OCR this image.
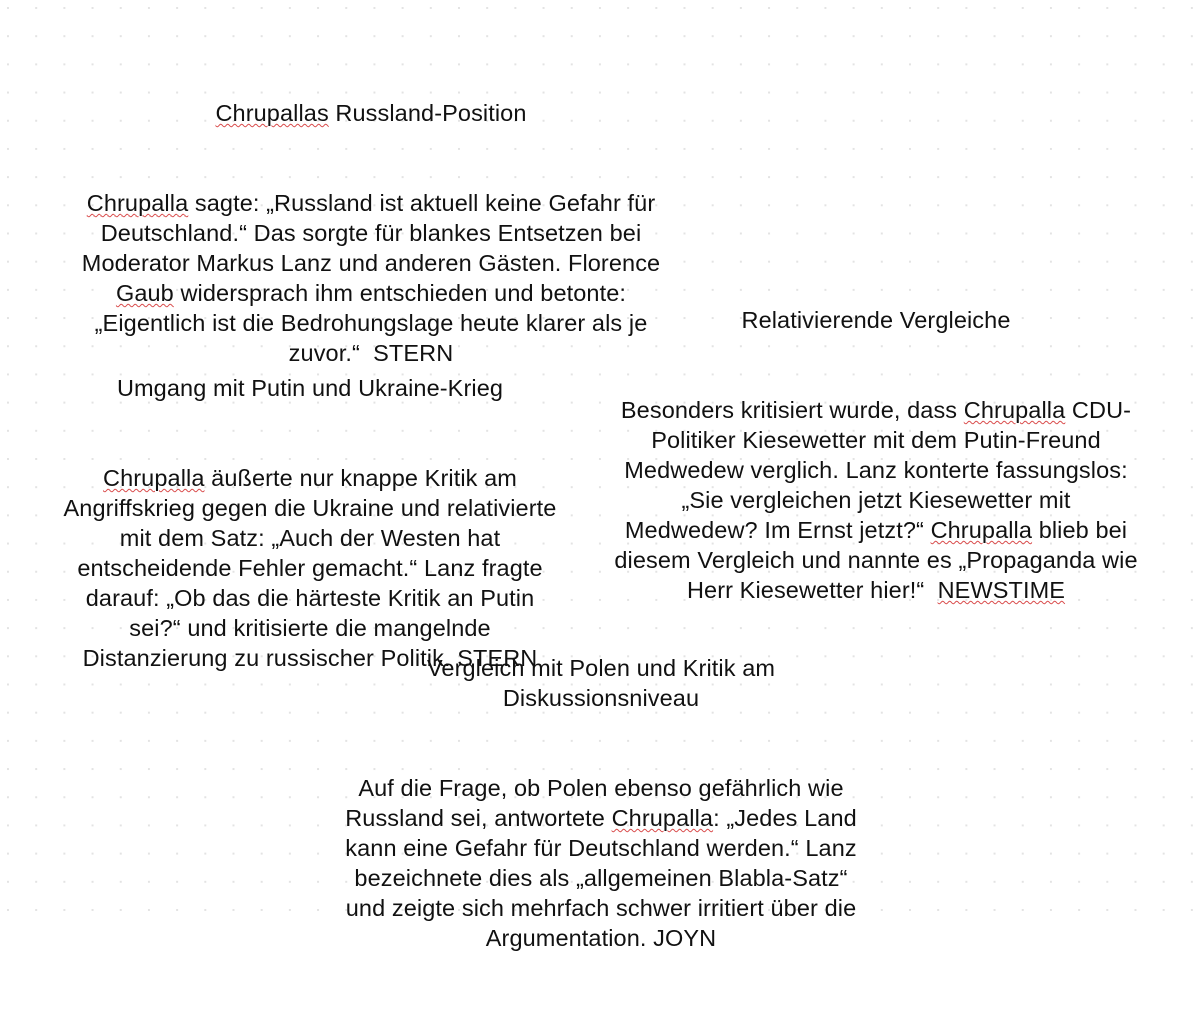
Chrupallas Russland-Position

Chrupalla sagte: „Russland ist aktuell keine Gefahr für Deutschland.“ Das sorgte für blankes Entsetzen bei Moderator Markus Lanz und anderen Gästen. Florence Gaub widersprach ihm entschieden und betonte: „Eigentlich ist die Bedrohungslage heute klarer als je zuvor.“  STERN

Umgang mit Putin und Ukraine-Krieg

Chrupalla äußerte nur knappe Kritik am Angriffskrieg gegen die Ukraine und relativierte mit dem Satz: „Auch der Westen hat entscheidende Fehler gemacht.“ Lanz fragte darauf: „Ob das die härteste Kritik an Putin sei?“ und kritisierte die mangelnde Distanzierung zu russischer Politik. STERN

Relativierende Vergleiche

Besonders kritisiert wurde, dass Chrupalla CDU-Politiker Kiesewetter mit dem Putin-Freund Medwedew verglich. Lanz konterte fassungslos: „Sie vergleichen jetzt Kiesewetter mit Medwedew? Im Ernst jetzt?“ Chrupalla blieb bei diesem Vergleich und nannte es „Propaganda wie Herr Kiesewetter hier!“  NEWSTIME

Vergleich mit Polen und Kritik am Diskussionsniveau

Auf die Frage, ob Polen ebenso gefährlich wie Russland sei, antwortete Chrupalla: „Jedes Land kann eine Gefahr für Deutschland werden.“ Lanz bezeichnete dies als „allgemeinen Blabla-Satz“ und zeigte sich mehrfach schwer irritiert über die Argumentation. JOYN
